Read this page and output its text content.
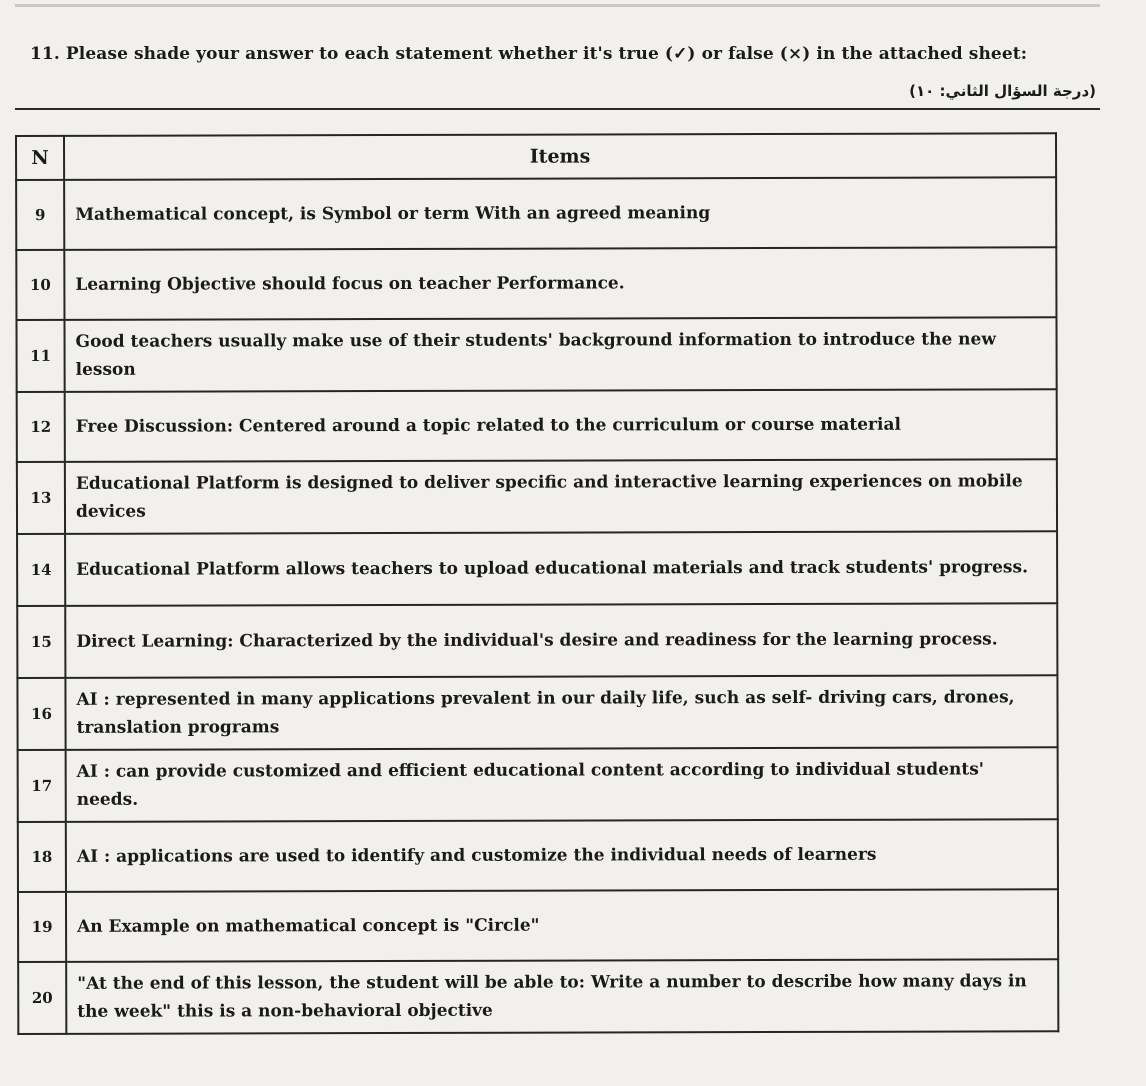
11. Please shade your answer to each statement whether it's true (✓) or false (×) in the attached sheet:
(درجة السؤال الثاني: ١٠)
N	Items
9	Mathematical concept, is Symbol or term With an agreed meaning
10	Learning Objective should focus on teacher Performance.
11	Good teachers usually make use of their students' background information to introduce the new lesson
12	Free Discussion: Centered around a topic related to the curriculum or course material
13	Educational Platform is designed to deliver specific and interactive learning experiences on mobile devices
14	Educational Platform allows teachers to upload educational materials and track students' progress.
15	Direct Learning: Characterized by the individual's desire and readiness for the learning process.
16	AI : represented in many applications prevalent in our daily life, such as self- driving cars, drones, translation programs
17	AI : can provide customized and efficient educational content according to individual students' needs.
18	AI : applications are used to identify and customize the individual needs of learners
19	An Example on mathematical concept is "Circle"
20	"At the end of this lesson, the student will be able to: Write a number to describe how many days in the week" this is a non-behavioral objective
